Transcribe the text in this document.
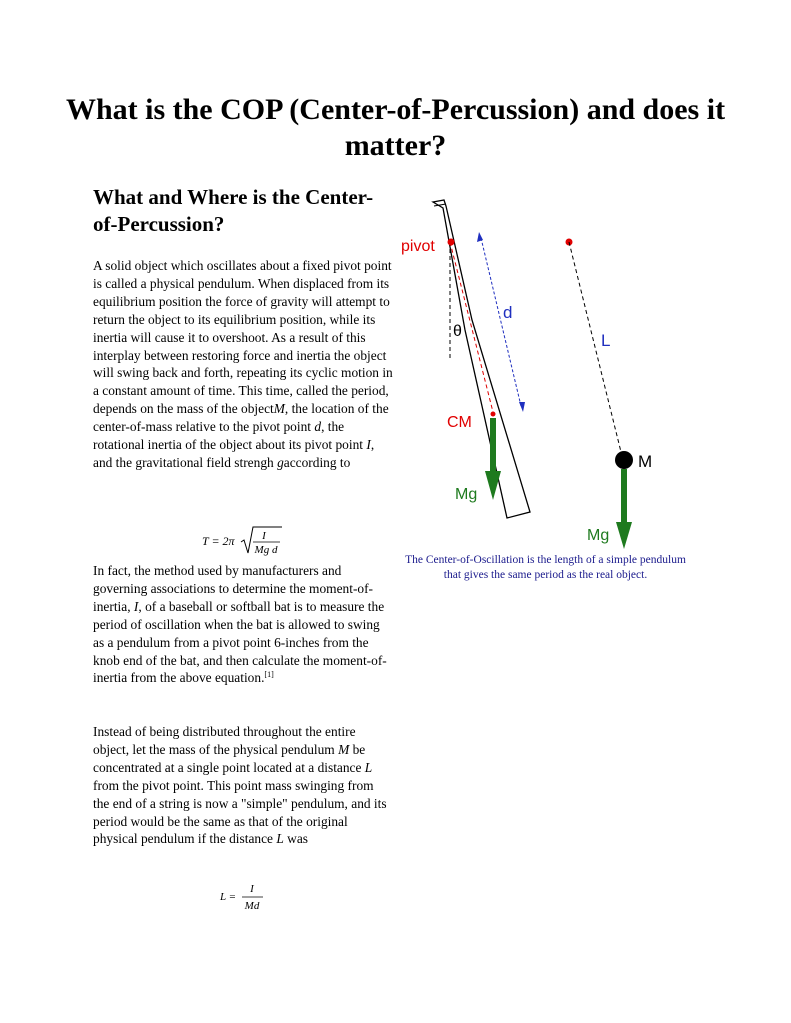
What is the COP (Center-of-Percussion) and does it matter?
What and Where is the Center-of-Percussion?

A solid object which oscillates about a fixed pivot point is called a physical pendulum. When displaced from its equilibrium position the force of gravity will attempt to return the object to its equilibrium position, while its inertia will cause it to overshoot. As a result of this interplay between restoring force and inertia the object will swing back and forth, repeating its cyclic motion in a constant amount of time. This time, called the period, depends on the mass of the objectM, the location of the center-of-mass relative to the pivot point d, the rotational inertia of the object about its pivot point I, and the gravitational field strengh gaccording to

T = 2π	I
Mg d

In fact, the method used by manufacturers and governing associations to determine the moment-of-inertia, I, of a baseball or softball bat is to measure the period of oscillation when the bat is allowed to swing as a pendulum from a pivot point 6-inches from the knob end of the bat, and then calculate the moment-of-inertia from the above equation.[1]

Instead of being distributed throughout the entire object, let the mass of the physical pendulum M be concentrated at a single point located at a distance L from the pivot point. This point mass swinging from the end of a string is now a "simple" pendulum, and its period would be the same as that of the original physical pendulum if the distance L was

L =
I
Md
pivot
θ
d
CM
Mg
L
M
Mg

The Center-of-Oscillation is the length of a simple pendulum that gives the same period as the real object.
